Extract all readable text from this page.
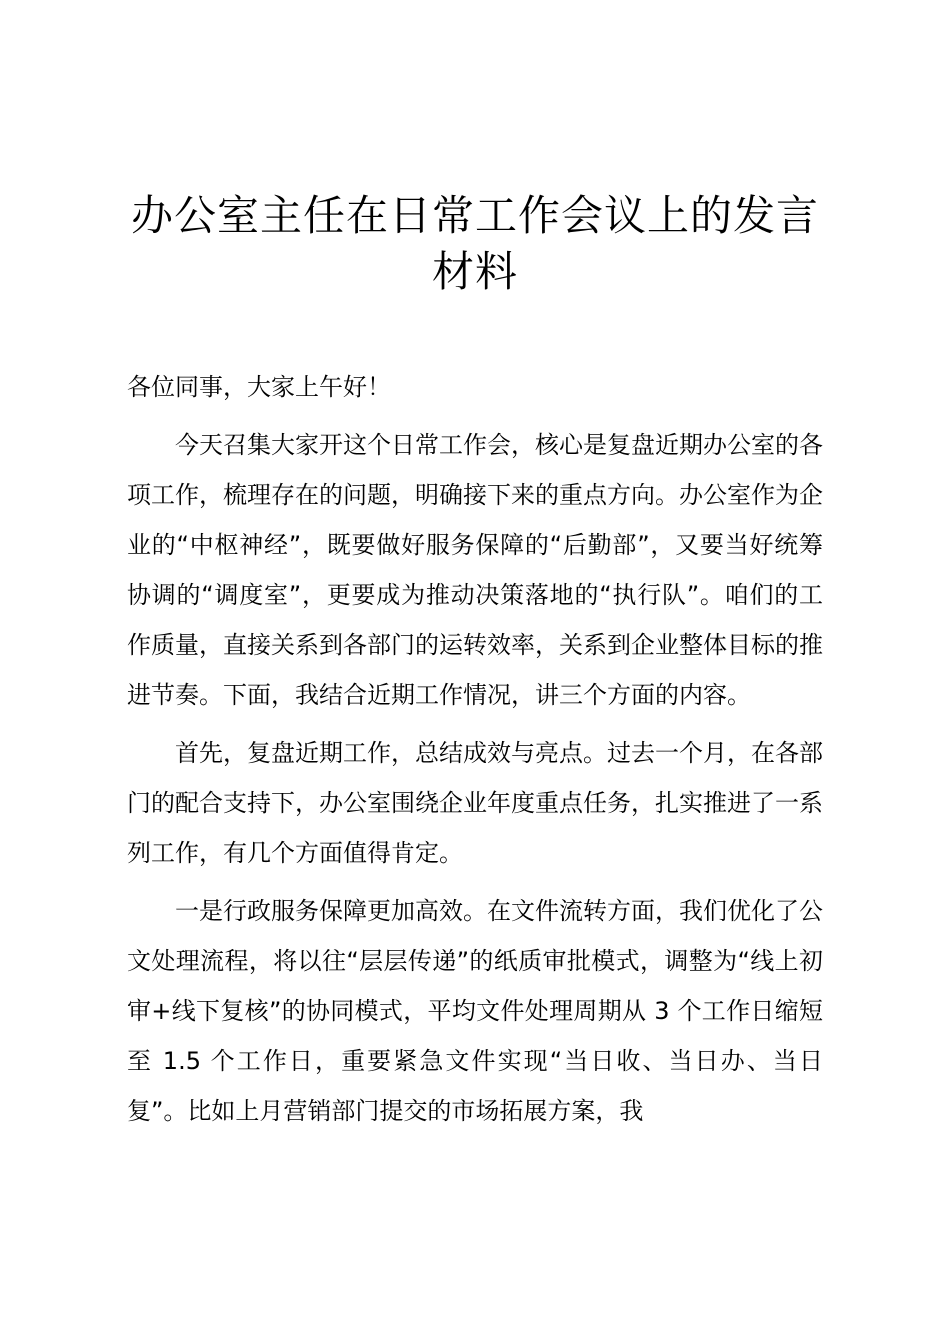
办公室主任在日常工作会议上的发言材料

各位同事，大家上午好！

今天召集大家开这个日常工作会，核心是复盘近期办公室的各项工作，梳理存在的问题，明确接下来的重点方向。办公室作为企业的“中枢神经”，既要做好服务保障的“后勤部”，又要当好统筹协调的“调度室”，更要成为推动决策落地的“执行队”。咱们的工作质量，直接关系到各部门的运转效率，关系到企业整体目标的推进节奏。下面，我结合近期工作情况，讲三个方面的内容。

首先，复盘近期工作，总结成效与亮点。过去一个月，在各部门的配合支持下，办公室围绕企业年度重点任务，扎实推进了一系列工作，有几个方面值得肯定。

一是行政服务保障更加高效。在文件流转方面，我们优化了公文处理流程，将以往“层层传递”的纸质审批模式，调整为“线上初审+线下复核”的协同模式，平均文件处理周期从 3 个工作日缩短至 1.5 个工作日，重要紧急文件实现“当日收、当日办、当日复”。比如上月营销部门提交的市场拓展方案，我
